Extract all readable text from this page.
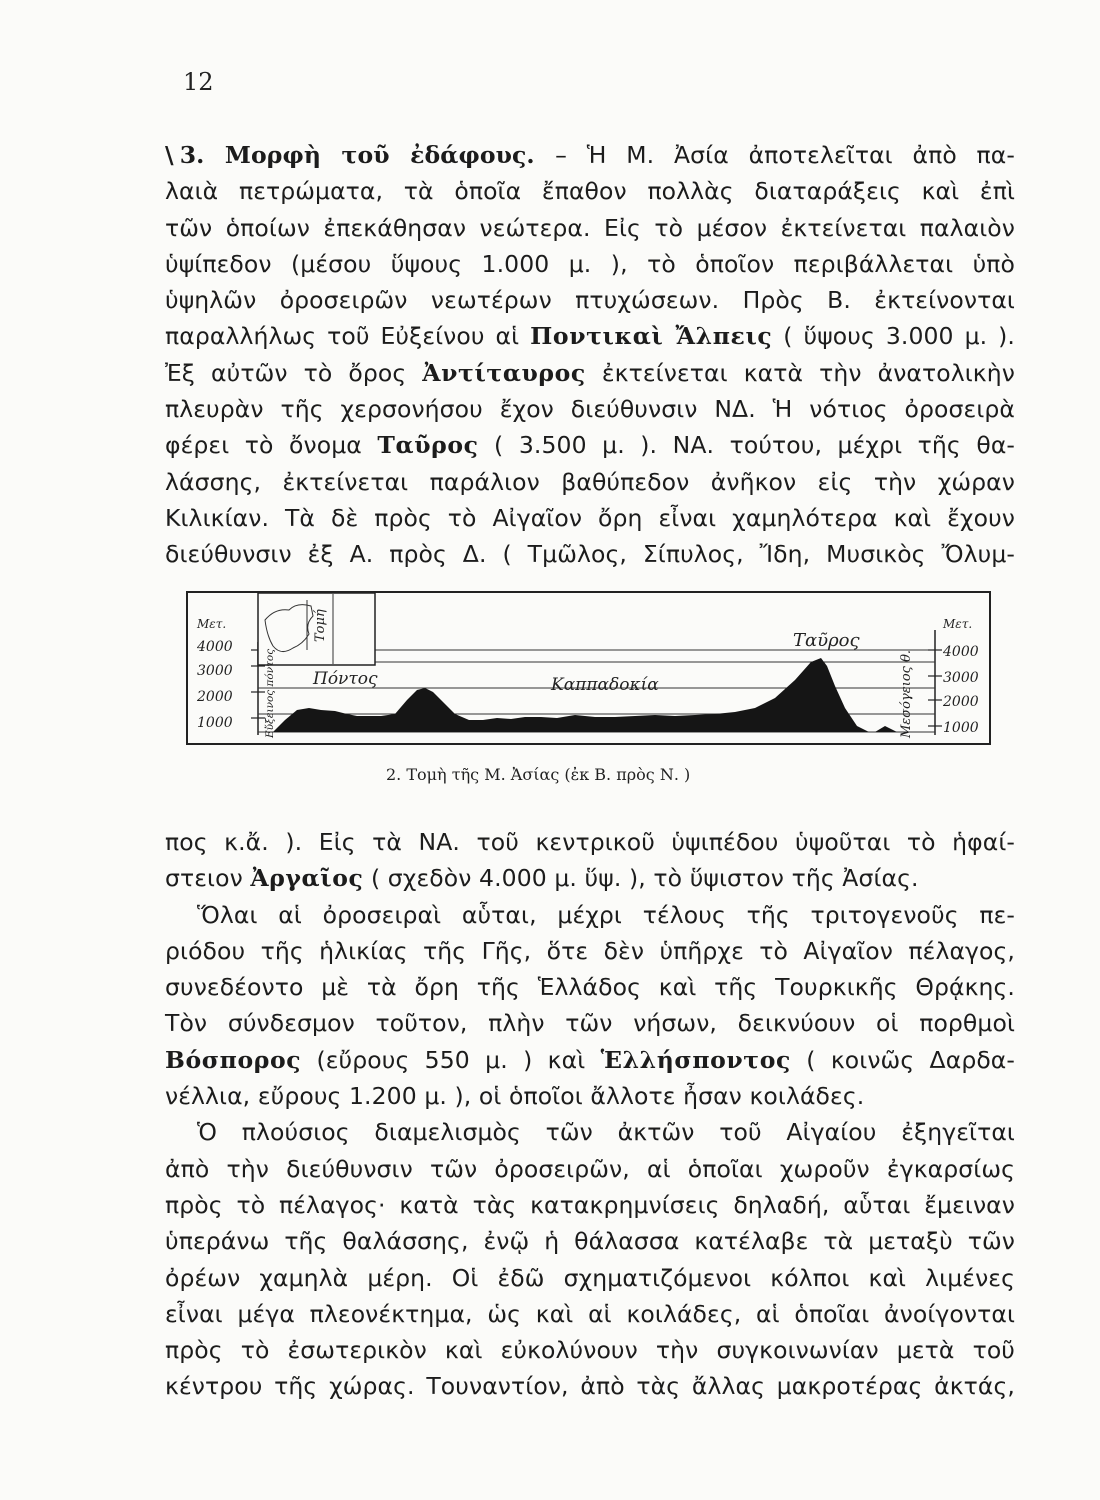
12
\ 3. Μορφὴ τοῦ ἐδάφους. – Ἡ Μ. Ἀσία ἀποτελεῖται ἀπὸ πα-
λαιὰ πετρώματα, τὰ ὁποῖα ἔπαθον πολλὰς διαταράξεις καὶ ἐπὶ
τῶν ὁποίων ἐπεκάθησαν νεώτερα. Εἰς τὸ μέσον ἐκτείνεται παλαιὸν
ὑψίπεδον (μέσου ὕψους 1.000 μ. ), τὸ ὁποῖον περιβάλλεται ὑπὸ
ὑψηλῶν ὀροσειρῶν νεωτέρων πτυχώσεων. Πρὸς Β. ἐκτείνονται
παραλλήλως τοῦ Εὐξείνου αἱ Ποντικαὶ Ἄλπεις ( ὕψους 3.000 μ. ).
Ἐξ αὐτῶν τὸ ὄρος Ἀντίταυρος ἐκτείνεται κατὰ τὴν ἀνατολικὴν
πλευρὰν τῆς χερσονήσου ἔχον διεύθυνσιν ΝΔ. Ἡ νότιος ὀροσειρὰ
φέρει τὸ ὄνομα Ταῦρος ( 3.500 μ. ). ΝΑ. τούτου, μέχρι τῆς θα-
λάσσης, ἐκτείνεται παράλιον βαθύπεδον ἀνῆκον εἰς τὴν χώραν
Κιλικίαν. Τὰ δὲ πρὸς τὸ Αἰγαῖον ὄρη εἶναι χαμηλότερα καὶ ἔχουν
διεύθυνσιν ἐξ Α. πρὸς Δ. ( Τμῶλος, Σίπυλος, Ἴδη, Μυσικὸς Ὄλυμ-
Τομή
Μετ.
4000
3000
2000
1000	Εὔξεινος πόντος
Μετ.
4000
3000
2000
1000
Μεσόγειος θ.
Πόντος	Καππαδοκία
Ταῦρος
2. Τομὴ τῆς Μ. Ἀσίας (ἐκ Β. πρὸς Ν. )
πος κ.ἄ. ). Εἰς τὰ ΝΑ. τοῦ κεντρικοῦ ὑψιπέδου ὑψοῦται τὸ ἡφαί-
στειον Ἀργαῖος ( σχεδὸν 4.000 μ. ὕψ. ), τὸ ὕψιστον τῆς Ἀσίας.
Ὅλαι αἱ ὀροσειραὶ αὗται, μέχρι τέλους τῆς τριτογενοῦς πε-
ριόδου τῆς ἡλικίας τῆς Γῆς, ὅτε δὲν ὑπῆρχε τὸ Αἰγαῖον πέλαγος,
συνεδέοντο μὲ τὰ ὄρη τῆς Ἑλλάδος καὶ τῆς Τουρκικῆς Θρᾴκης.
Τὸν σύνδεσμον τοῦτον, πλὴν τῶν νήσων, δεικνύουν οἱ πορθμοὶ
Βόσπορος (εὔρους 550 μ. ) καὶ Ἑλλήσποντος ( κοινῶς Δαρδα-
νέλλια, εὔρους 1.200 μ. ), οἱ ὁποῖοι ἄλλοτε ἦσαν κοιλάδες.
Ὁ πλούσιος διαμελισμὸς τῶν ἀκτῶν τοῦ Αἰγαίου ἐξηγεῖται
ἀπὸ τὴν διεύθυνσιν τῶν ὀροσειρῶν, αἱ ὁποῖαι χωροῦν ἐγκαρσίως
πρὸς τὸ πέλαγος· κατὰ τὰς κατακρημνίσεις δηλαδή, αὗται ἔμειναν
ὑπεράνω τῆς θαλάσσης, ἐνῷ ἡ θάλασσα κατέλαβε τὰ μεταξὺ τῶν
ὀρέων χαμηλὰ μέρη. Οἱ ἐδῶ σχηματιζόμενοι κόλποι καὶ λιμένες
εἶναι μέγα πλεονέκτημα, ὡς καὶ αἱ κοιλάδες, αἱ ὁποῖαι ἀνοίγονται
πρὸς τὸ ἐσωτερικὸν καὶ εὐκολύνουν τὴν συγκοινωνίαν μετὰ τοῦ
κέντρου τῆς χώρας. Τουναντίον, ἀπὸ τὰς ἄλλας μακροτέρας ἀκτάς,
